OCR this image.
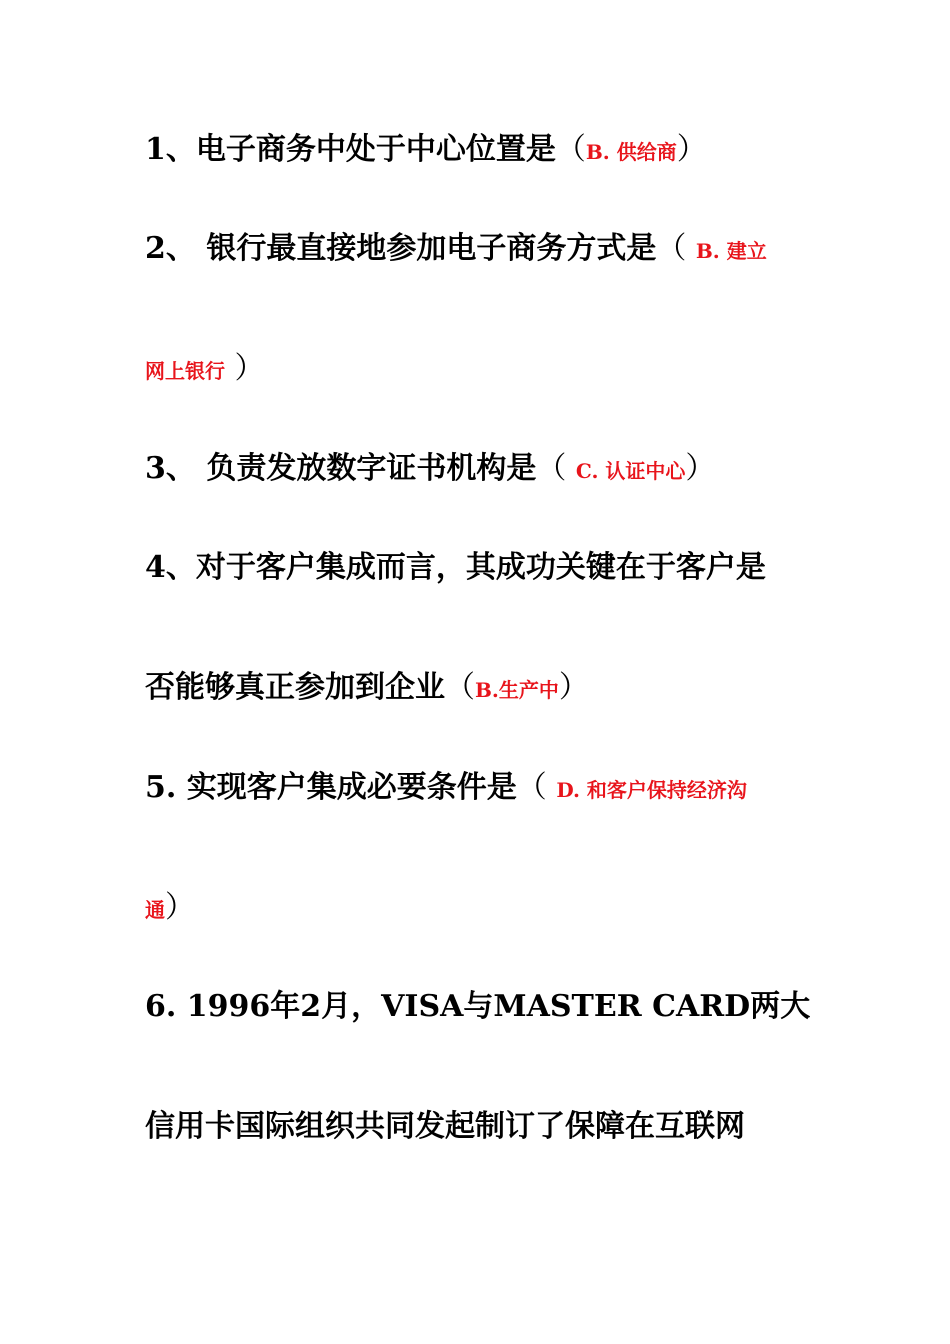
1、电子商务中处于中心位置是（B. 供给商）
2、 银行最直接地参加电子商务方式是（ B. 建立
网上银行 ）
3、 负责发放数字证书机构是（ C. 认证中心）
4、对于客户集成而言，其成功关键在于客户是
否能够真正参加到企业（B.生产中）
5. 实现客户集成必要条件是（ D. 和客户保持经济沟
通）
6. 1996年2月，VISA与MASTER CARD两大
信用卡国际组织共同发起制订了保障在互联网
